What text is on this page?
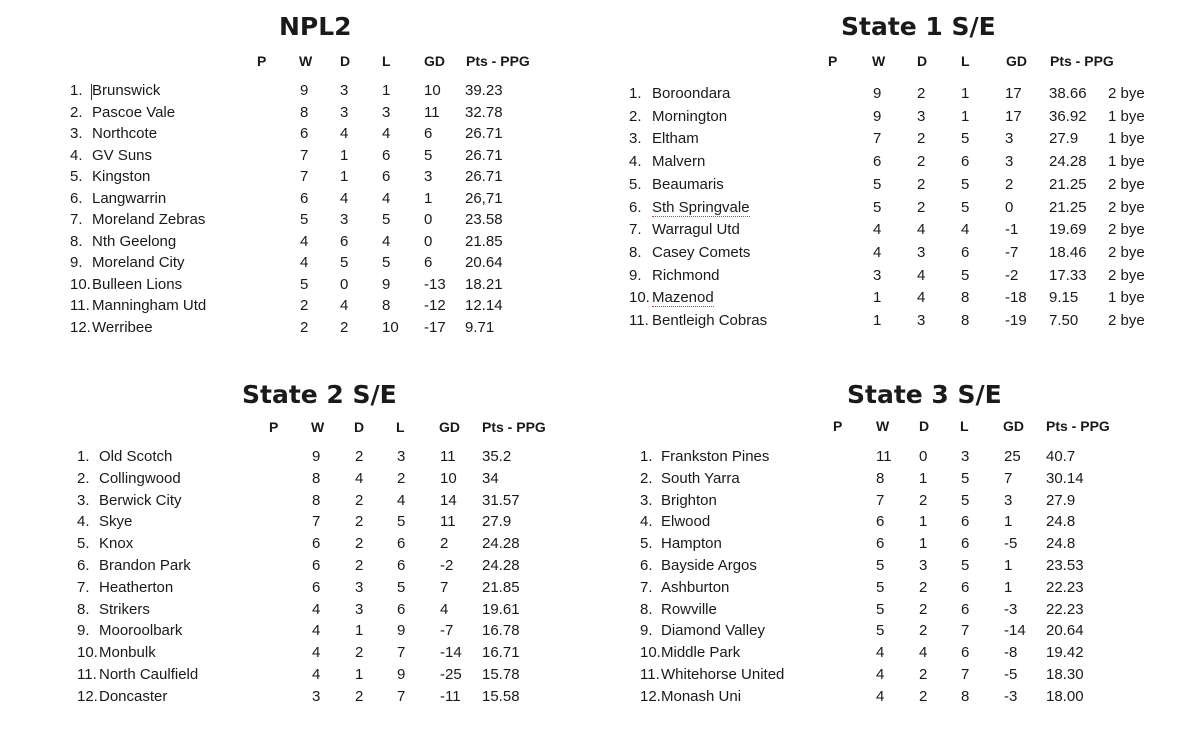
NPL2
P W D L GD Pts - PPG
1. Brunswick	9 3 1 10 39.23
2. Pascoe Vale	8 3 3 11 32.78
3. Northcote	6 4 4 6 26.71
4. GV Suns	7 1 6 5 26.71
5. Kingston	7 1 6 3 26.71
6. Langwarrin	6 4 4 1 26,71
7. Moreland Zebras	5 3 5 0 23.58
8. Nth Geelong	4 6 4 0 21.85
9. Moreland City	4 5 5 6 20.64
10. Bulleen Lions	5 0 9 -13 18.21
11. Manningham Utd	2 4 8 -12 12.14
12. Werribee	2 2 10 -17 9.71
State 1 S/E
P W D L	GD Pts - PPG
1. Boroondara	9 2 1 17 38.66 2 bye
2. Mornington	9 3 1 17 36.92 1 bye
3. Eltham	7 2 5 3 27.9 1 bye
4. Malvern	6 2 6 3 24.28 1 bye
5. Beaumaris	5 2 5 2 21.25 2 bye
6. Sth Springvale	5 2 5 0 21.25 2 bye
7. Warragul Utd	4 4 4 -1 19.69 2 bye
8. Casey Comets	4 3 6 -7 18.46 2 bye
9. Richmond	3 4 5 -2 17.33 2 bye
10. Mazenod	1 4 8 -18 9.15 1 bye
11. Bentleigh Cobras	1 3 8 -19 7.50 2 bye
State 2 S/E
P W D L GD Pts - PPG
1. Old Scotch	9 2 3 11 35.2
2. Collingwood	8 4 2 10 34
3. Berwick City	8 2 4 14 31.57
4. Skye	7 2 5 11 27.9
5. Knox	6 2 6 2 24.28
6. Brandon Park	6 2 6 -2 24.28
7. Heatherton	6 3 5 7 21.85
8. Strikers	4 3 6 4 19.61
9. Mooroolbark	4 1 9 -7 16.78
10. Monbulk	4 2 7 -14 16.71
11. North Caulfield	4 1 9 -25 15.78
12. Doncaster	3 2 7 -11 15.58
State 3 S/E
P W D L GD Pts - PPG
1. Frankston Pines	11 0 3 25 40.7
2. South Yarra	8 1 5 7 30.14
3. Brighton	7 2 5 3 27.9
4. Elwood	6 1 6 1 24.8
5. Hampton	6 1 6 -5 24.8
6. Bayside Argos	5 3 5 1 23.53
7. Ashburton	5 2 6 1 22.23
8. Rowville	5 2 6 -3 22.23
9. Diamond Valley	5 2 7 -14 20.64
10. Middle Park	4 4 6 -8 19.42
11. Whitehorse United	4 2 7 -5 18.30
12. Monash Uni	4 2 8 -3 18.00
